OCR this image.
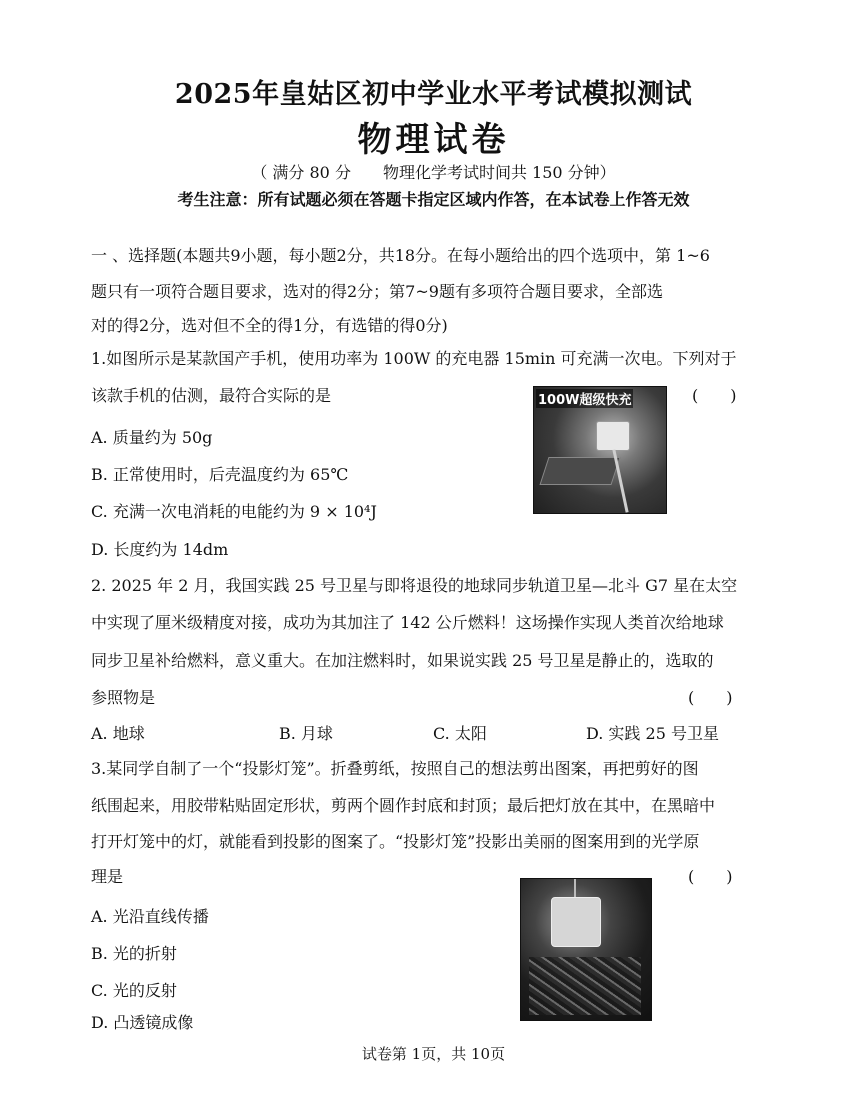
2025年皇姑区初中学业水平考试模拟测试
物理试卷
（ 满分 80 分　　物理化学考试时间共 150 分钟）
考生注意：所有试题必须在答题卡指定区域内作答，在本试卷上作答无效
一 、选择题(本题共9小题，每小题2分，共18分。在每小题给出的四个选项中，第 1~6
题只有一项符合题目要求，选对的得2分；第7~9题有多项符合题目要求，全部选
对的得2分，选对但不全的得1分，有选错的得0分)
1.如图所示是某款国产手机，使用功率为 100W 的充电器 15min 可充满一次电。下列对于
该款手机的估测，最符合实际的是	(　　)
100W超级快充
A. 质量约为 50g
B. 正常使用时，后壳温度约为 65℃
C. 充满一次电消耗的电能约为 9 × 10⁴J
D. 长度约为 14dm
2. 2025 年 2 月，我国实践 25 号卫星与即将退役的地球同步轨道卫星—北斗 G7 星在太空
中实现了厘米级精度对接，成功为其加注了 142 公斤燃料！这场操作实现人类首次给地球
同步卫星补给燃料，意义重大。在加注燃料时，如果说实践 25 号卫星是静止的，选取的
参照物是	(　　)
A. 地球	B. 月球	C. 太阳	D. 实践 25 号卫星
3.某同学自制了一个“投影灯笼”。折叠剪纸，按照自己的想法剪出图案，再把剪好的图
纸围起来，用胶带粘贴固定形状，剪两个圆作封底和封顶；最后把灯放在其中，在黑暗中
打开灯笼中的灯，就能看到投影的图案了。“投影灯笼”投影出美丽的图案用到的光学原
理是	(　　)
A. 光沿直线传播
B. 光的折射
C. 光的反射
D. 凸透镜成像
试卷第 1页，共 10页
